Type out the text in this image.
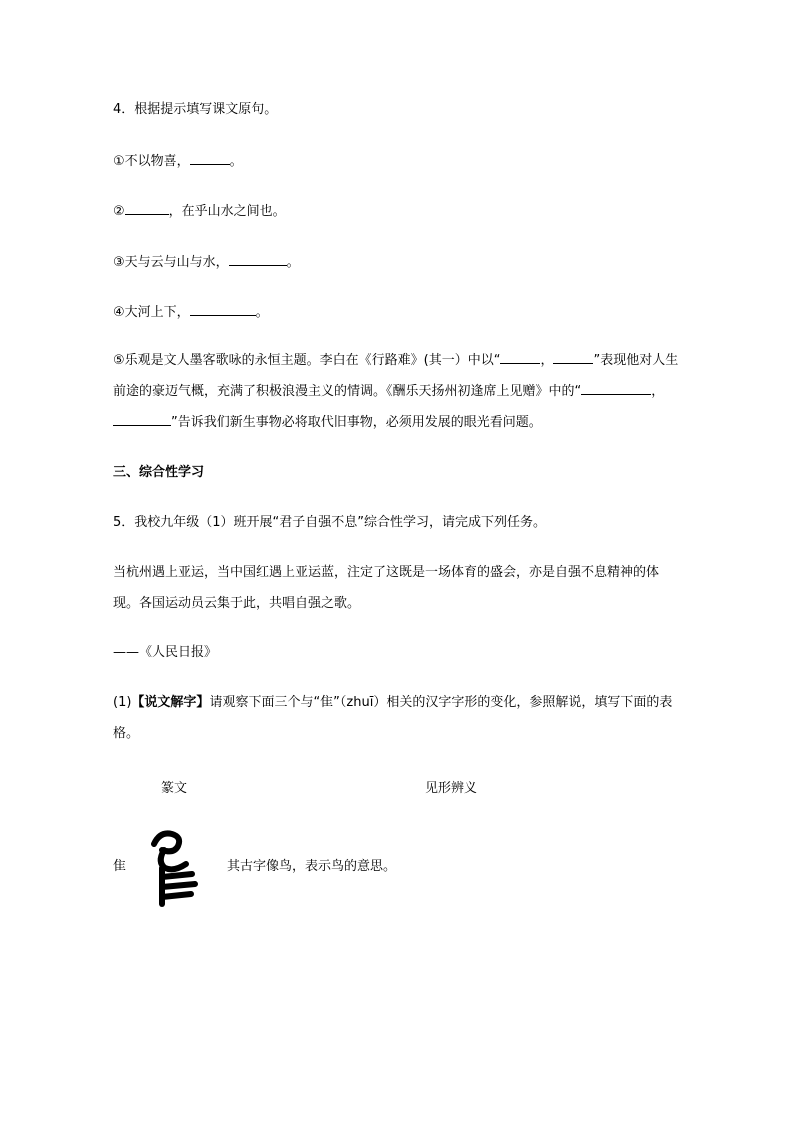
4．根据提示填写课文原句。
①不以物喜，	。
②	，在乎山水之间也。
③天与云与山与水，	。
④大河上下，	。
⑤乐观是文人墨客歌咏的永恒主题。李白在《行路难》(其一）中以“	，	”表现他对人生前途的豪迈气概，充满了积极浪漫主义的情调。《酬乐天扬州初逢席上见赠》中的“	，”告诉我们新生事物必将取代旧事物，必须用发展的眼光看问题。
三、综合性学习
5．我校九年级（1）班开展“君子自强不息”综合性学习，请完成下列任务。
当杭州遇上亚运，当中国红遇上亚运蓝，注定了这既是一场体育的盛会，亦是自强不息精神的体现。各国运动员云集于此，共唱自强之歌。
——《人民日报》
(1)【说文解字】请观察下面三个与“隹”（zhuī）相关的汉字字形的变化，参照解说，填写下面的表格。
篆文	见形辨义
隹	其古字像鸟，表示鸟的意思。
